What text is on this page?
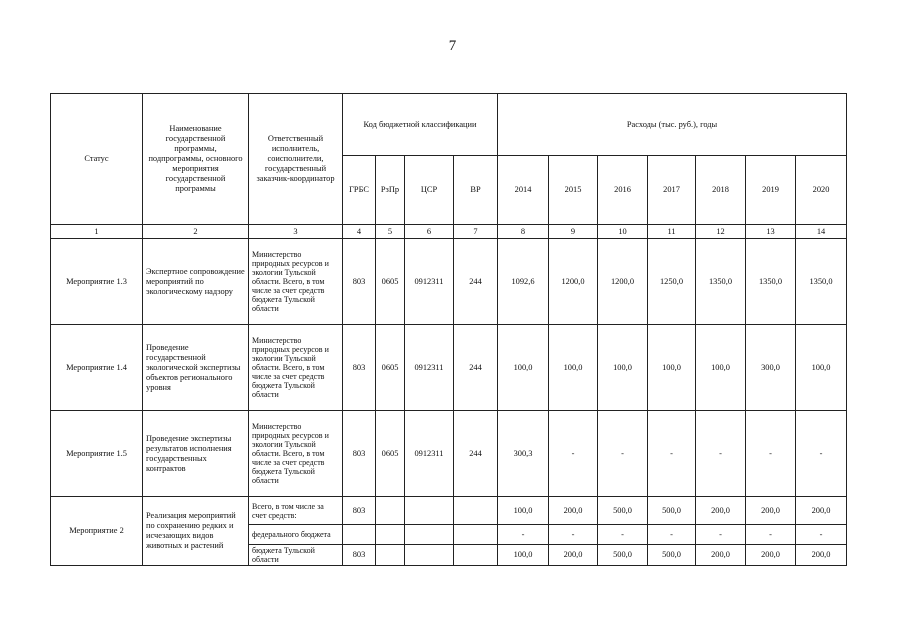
7
Статус	Наименование государственной программы, подпрограммы, основного мероприятия государственной программы	Ответственный исполнитель, соисполнители, государственный заказчик-координатор	Код бюджетной классификации				Расходы (тыс. руб.), годы						
			ГРБС	РзПр	ЦСР	ВР	2014	2015	2016	2017	2018	2019	2020
1	2	3	4	5	6	7	8	9	10	11	12	13	14
Мероприятие 1.3	Экспертное сопровождение мероприятий по экологическому надзору	Министерство природных ресурсов и экологии Тульской области. Всего, в том числе за счет средств бюджета Тульской области	803	0605	0912311	244	1092,6	1200,0	1200,0	1250,0	1350,0	1350,0	1350,0
Мероприятие 1.4	Проведение государственной экологической экспертизы объектов регионального уровня	Министерство природных ресурсов и экологии Тульской области. Всего, в том числе за счет средств бюджета Тульской области	803	0605	0912311	244	100,0	100,0	100,0	100,0	100,0	300,0	100,0
Мероприятие 1.5	Проведение экспертизы результатов исполнения государственных контрактов	Министерство природных ресурсов и экологии Тульской области. Всего, в том числе за счет средств бюджета Тульской области	803	0605	0912311	244	300,3	-	-	-	-	-	-
Мероприятие 2	Реализация мероприятий по сохранению редких и исчезающих видов животных и растений	Всего, в том числе за счет средств:	803				100,0	200,0	500,0	500,0	200,0	200,0	200,0
		федерального бюджета					-	-	-	-	-	-	-
		бюджета Тульской области	803				100,0	200,0	500,0	500,0	200,0	200,0	200,0
